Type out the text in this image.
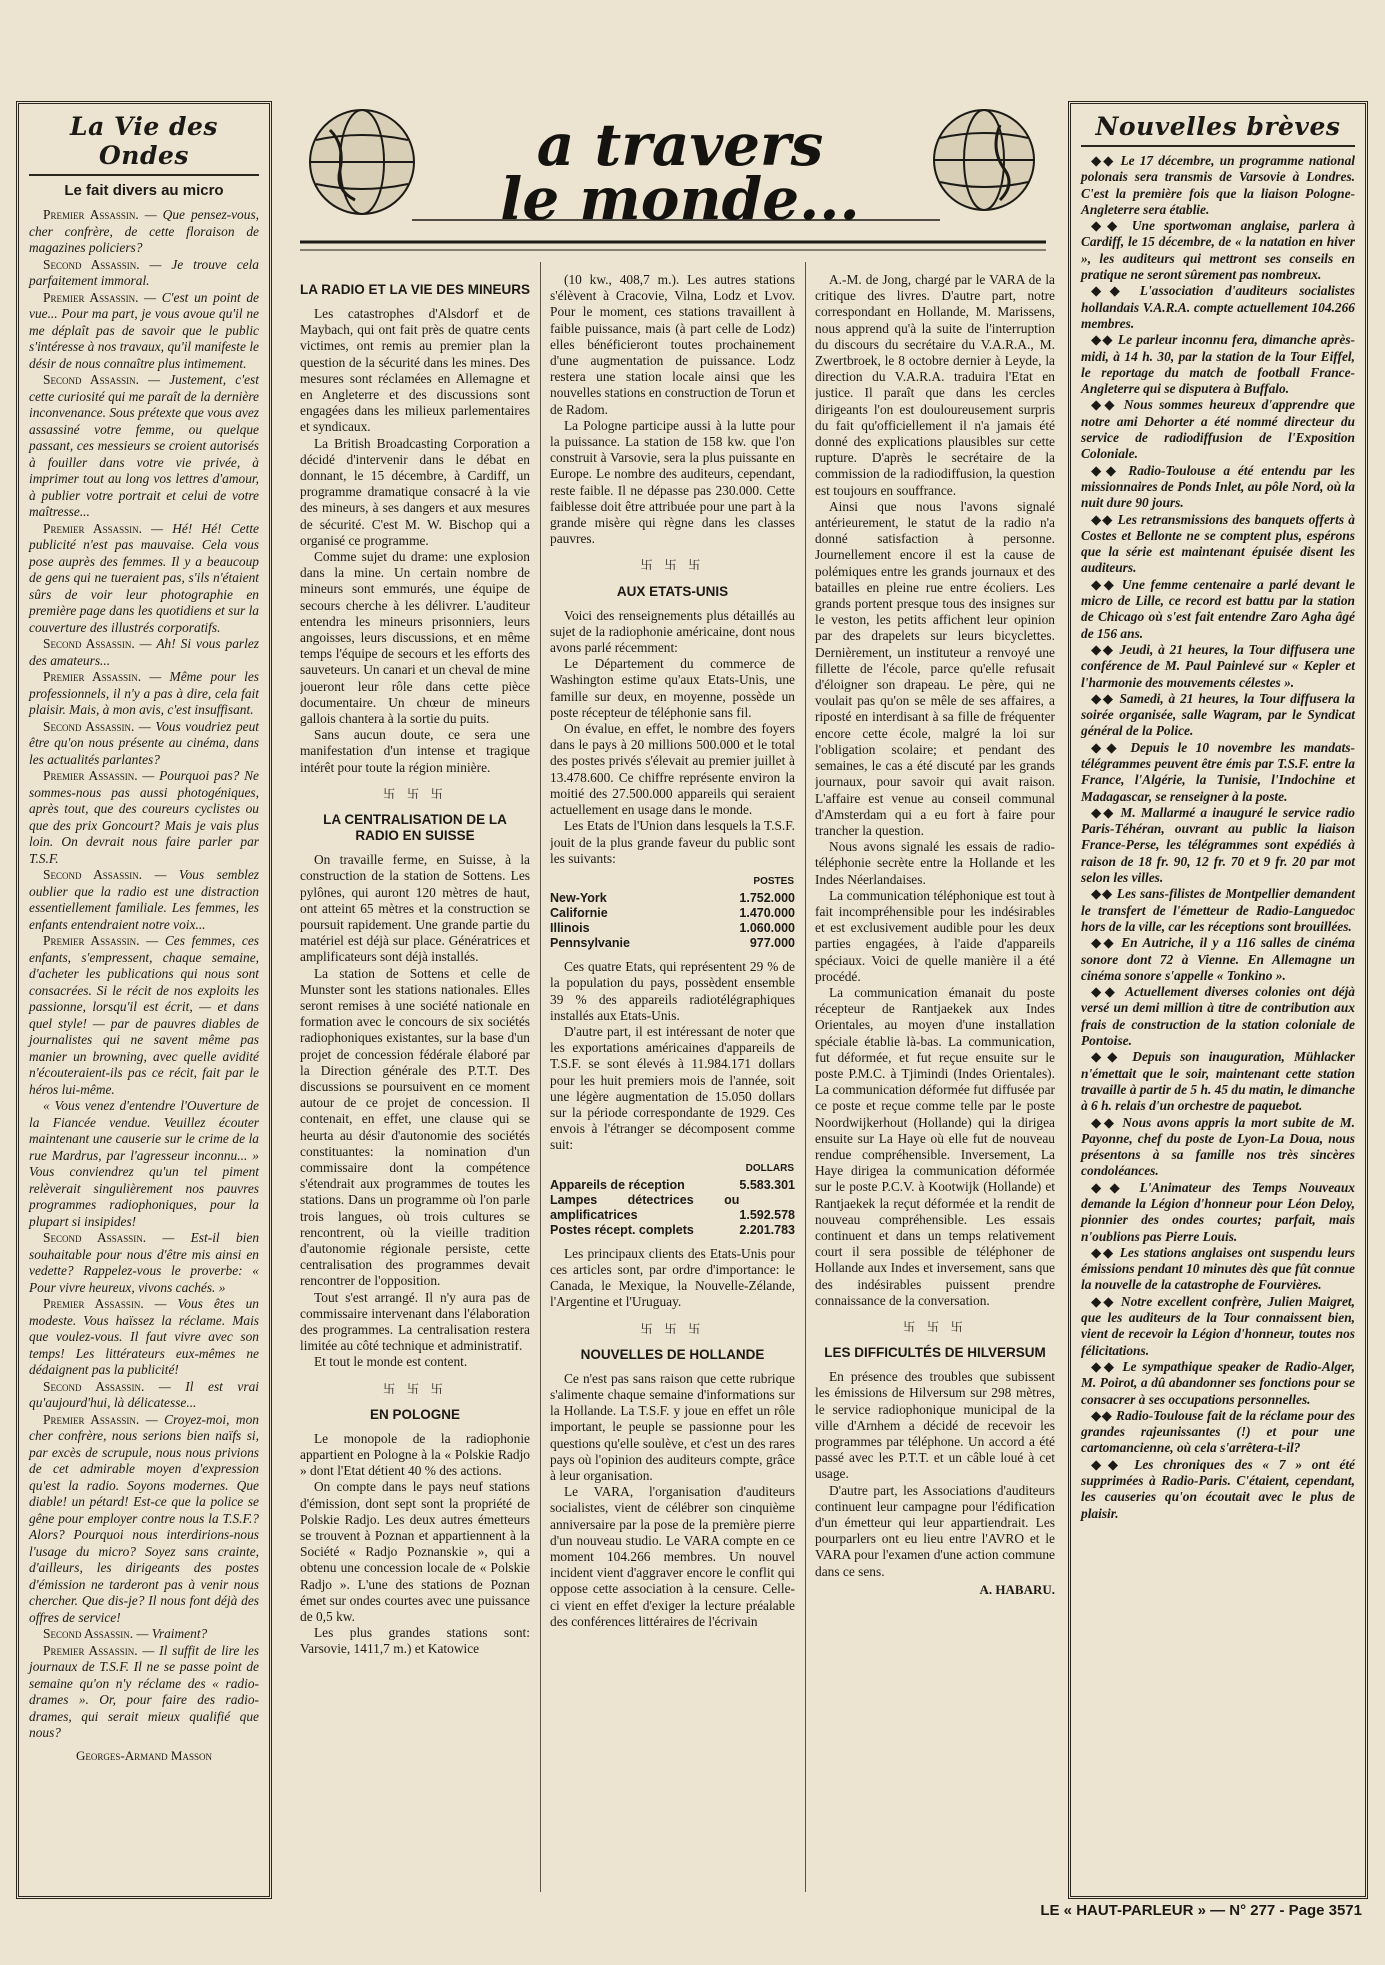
La Vie des Ondes
Le fait divers au micro

Premier Assassin. — Que pensez-vous, cher confrère, de cette floraison de magazines policiers?

Second Assassin. — Je trouve cela parfaitement immoral.

Premier Assassin. — C'est un point de vue... Pour ma part, je vous avoue qu'il ne me déplaît pas de savoir que le public s'intéresse à nos travaux, qu'il manifeste le désir de nous connaître plus intimement.

Second Assassin. — Justement, c'est cette curiosité qui me paraît de la dernière inconvenance. Sous prétexte que vous avez assassiné votre femme, ou quelque passant, ces messieurs se croient autorisés à fouiller dans votre vie privée, à imprimer tout au long vos lettres d'amour, à publier votre portrait et celui de votre maîtresse...

Premier Assassin. — Hé! Hé! Cette publicité n'est pas mauvaise. Cela vous pose auprès des femmes. Il y a beaucoup de gens qui ne tueraient pas, s'ils n'étaient sûrs de voir leur photographie en première page dans les quotidiens et sur la couverture des illustrés corporatifs.

Second Assassin. — Ah! Si vous parlez des amateurs...

Premier Assassin. — Même pour les professionnels, il n'y a pas à dire, cela fait plaisir. Mais, à mon avis, c'est insuffisant.

Second Assassin. — Vous voudriez peut être qu'on nous présente au cinéma, dans les actualités parlantes?

Premier Assassin. — Pourquoi pas? Ne sommes-nous pas aussi photogéniques, après tout, que des coureurs cyclistes ou que des prix Goncourt? Mais je vais plus loin. On devrait nous faire parler par T.S.F.

Second Assassin. — Vous semblez oublier que la radio est une distraction essentiellement familiale. Les femmes, les enfants entendraient notre voix...

Premier Assassin. — Ces femmes, ces enfants, s'empressent, chaque semaine, d'acheter les publications qui nous sont consacrées. Si le récit de nos exploits les passionne, lorsqu'il est écrit, — et dans quel style! — par de pauvres diables de journalistes qui ne savent même pas manier un browning, avec quelle avidité n'écouteraient-ils pas ce récit, fait par le héros lui-même.

« Vous venez d'entendre l'Ouverture de la Fiancée vendue. Veuillez écouter maintenant une causerie sur le crime de la rue Mardrus, par l'agresseur inconnu... » Vous conviendrez qu'un tel piment relèverait singulièrement nos pauvres programmes radiophoniques, pour la plupart si insipides!

Second Assassin. — Est-il bien souhaitable pour nous d'être mis ainsi en vedette? Rappelez-vous le proverbe: « Pour vivre heureux, vivons cachés. »

Premier Assassin. — Vous êtes un modeste. Vous haïssez la réclame. Mais que voulez-vous. Il faut vivre avec son temps! Les littérateurs eux-mêmes ne dédaignent pas la publicité!

Second Assassin. — Il est vrai qu'aujourd'hui, là délicatesse...

Premier Assassin. — Croyez-moi, mon cher confrère, nous serions bien naïfs si, par excès de scrupule, nous nous privions de cet admirable moyen d'expression qu'est la radio. Soyons modernes. Que diable! un pétard! Est-ce que la police se gêne pour employer contre nous la T.S.F.? Alors? Pourquoi nous interdirions-nous l'usage du micro? Soyez sans crainte, d'ailleurs, les dirigeants des postes d'émission ne tarderont pas à venir nous chercher. Que dis-je? Il nous font déjà des offres de service!

Second Assassin. — Vraiment?

Premier Assassin. — Il suffit de lire les journaux de T.S.F. Il ne se passe point de semaine qu'on n'y réclame des « radio-drames ». Or, pour faire des radio-drames, qui serait mieux qualifié que nous?

Georges-Armand Masson
a travers
le monde...
LA RADIO ET LA VIE DES MINEURS

Les catastrophes d'Alsdorf et de Maybach, qui ont fait près de quatre cents victimes, ont remis au premier plan la question de la sécurité dans les mines. Des mesures sont réclamées en Allemagne et en Angleterre et des discussions sont engagées dans les milieux parlementaires et syndicaux.

La British Broadcasting Corporation a décidé d'intervenir dans le débat en donnant, le 15 décembre, à Cardiff, un programme dramatique consacré à la vie des mineurs, à ses dangers et aux mesures de sécurité. C'est M. W. Bischop qui a organisé ce programme.

Comme sujet du drame: une explosion dans la mine. Un certain nombre de mineurs sont emmurés, une équipe de secours cherche à les délivrer. L'auditeur entendra les mineurs prisonniers, leurs angoisses, leurs discussions, et en même temps l'équipe de secours et les efforts des sauveteurs. Un canari et un cheval de mine joueront leur rôle dans cette pièce documentaire. Un chœur de mineurs gallois chantera à la sortie du puits.

Sans aucun doute, ce sera une manifestation d'un intense et tragique intérêt pour toute la région minière.

卐 卐 卐
LA CENTRALISATION DE LA RADIO EN SUISSE

On travaille ferme, en Suisse, à la construction de la station de Sottens. Les pylônes, qui auront 120 mètres de haut, ont atteint 65 mètres et la construction se poursuit rapidement. Une grande partie du matériel est déjà sur place. Génératrices et amplificateurs sont déjà installés.

La station de Sottens et celle de Munster sont les stations nationales. Elles seront remises à une société nationale en formation avec le concours de six sociétés radiophoniques existantes, sur la base d'un projet de concession fédérale élaboré par la Direction générale des P.T.T. Des discussions se poursuivent en ce moment autour de ce projet de concession. Il contenait, en effet, une clause qui se heurta au désir d'autonomie des sociétés constituantes: la nomination d'un commissaire dont la compétence s'étendrait aux programmes de toutes les stations. Dans un programme où l'on parle trois langues, où trois cultures se rencontrent, où la vieille tradition d'autonomie régionale persiste, cette centralisation des programmes devait rencontrer de l'opposition.

Tout s'est arrangé. Il n'y aura pas de commissaire intervenant dans l'élaboration des programmes. La centralisation restera limitée au côté technique et administratif.

Et tout le monde est content.

卐 卐 卐
EN POLOGNE

Le monopole de la radiophonie appartient en Pologne à la « Polskie Radjo » dont l'Etat détient 40 % des actions.

On compte dans le pays neuf stations d'émission, dont sept sont la propriété de Polskie Radjo. Les deux autres émetteurs se trouvent à Poznan et appartiennent à la Société « Radjo Poznanskie », qui a obtenu une concession locale de « Polskie Radjo ». L'une des stations de Poznan émet sur ondes courtes avec une puissance de 0,5 kw.

Les plus grandes stations sont: Varsovie, 1411,7 m.) et Katowice

(10 kw., 408,7 m.). Les autres stations s'élèvent à Cracovie, Vilna, Lodz et Lvov. Pour le moment, ces stations travaillent à faible puissance, mais (à part celle de Lodz) elles bénéficieront toutes prochainement d'une augmentation de puissance. Lodz restera une station locale ainsi que les nouvelles stations en construction de Torun et de Radom.

La Pologne participe aussi à la lutte pour la puissance. La station de 158 kw. que l'on construit à Varsovie, sera la plus puissante en Europe. Le nombre des auditeurs, cependant, reste faible. Il ne dépasse pas 230.000. Cette faiblesse doit être attribuée pour une part à la grande misère qui règne dans les classes pauvres.

卐 卐 卐
AUX ETATS-UNIS

Voici des renseignements plus détaillés au sujet de la radiophonie américaine, dont nous avons parlé récemment:

Le Département du commerce de Washington estime qu'aux Etats-Unis, une famille sur deux, en moyenne, possède un poste récepteur de téléphonie sans fil.

On évalue, en effet, le nombre des foyers dans le pays à 20 millions 500.000 et le total des postes privés s'élevait au premier juillet à 13.478.600. Ce chiffre représente environ la moitié des 27.500.000 appareils qui seraient actuellement en usage dans le monde.

Les Etats de l'Union dans lesquels la T.S.F. jouit de la plus grande faveur du public sont les suivants:

	POSTES
New-York	1.752.000
Californie	1.470.000
Illinois	1.060.000
Pennsylvanie	977.000

Ces quatre Etats, qui représentent 29 % de la population du pays, possèdent ensemble 39 % des appareils radiotélégraphiques installés aux Etats-Unis.

D'autre part, il est intéressant de noter que les exportations américaines d'appareils de T.S.F. se sont élevés à 11.984.171 dollars pour les huit premiers mois de l'année, soit une légère augmentation de 15.050 dollars sur la période correspondante de 1929. Ces envois à l'étranger se décomposent comme suit:

	DOLLARS
Appareils de réception	5.583.301
Lampes détectrices ou amplificatrices	1.592.578
Postes récept. complets	2.201.783

Les principaux clients des Etats-Unis pour ces articles sont, par ordre d'importance: le Canada, le Mexique, la Nouvelle-Zélande, l'Argentine et l'Uruguay.

卐 卐 卐
NOUVELLES DE HOLLANDE

Ce n'est pas sans raison que cette rubrique s'alimente chaque semaine d'informations sur la Hollande. La T.S.F. y joue en effet un rôle important, le peuple se passionne pour les questions qu'elle soulève, et c'est un des rares pays où l'opinion des auditeurs compte, grâce à leur organisation.

Le VARA, l'organisation d'auditeurs socialistes, vient de célébrer son cinquième anniversaire par la pose de la première pierre d'un nouveau studio. Le VARA compte en ce moment 104.266 membres. Un nouvel incident vient d'aggraver encore le conflit qui oppose cette association à la censure. Celle-ci vient en effet d'exiger la lecture préalable des conférences littéraires de l'écrivain

A.-M. de Jong, chargé par le VARA de la critique des livres. D'autre part, notre correspondant en Hollande, M. Marissens, nous apprend qu'à la suite de l'interruption du discours du secrétaire du V.A.R.A., M. Zwertbroek, le 8 octobre dernier à Leyde, la direction du V.A.R.A. traduira l'Etat en justice. Il paraît que dans les cercles dirigeants l'on est douloureusement surpris du fait qu'officiellement il n'a jamais été donné des explications plausibles sur cette rupture. D'après le secrétaire de la commission de la radiodiffusion, la question est toujours en souffrance.

Ainsi que nous l'avons signalé antérieurement, le statut de la radio n'a donné satisfaction à personne. Journellement encore il est la cause de polémiques entre les grands journaux et des batailles en pleine rue entre écoliers. Les grands portent presque tous des insignes sur le veston, les petits affichent leur opinion par des drapelets sur leurs bicyclettes. Dernièrement, un instituteur a renvoyé une fillette de l'école, parce qu'elle refusait d'éloigner son drapeau. Le père, qui ne voulait pas qu'on se mêle de ses affaires, a riposté en interdisant à sa fille de fréquenter encore cette école, malgré la loi sur l'obligation scolaire; et pendant des semaines, le cas a été discuté par les grands journaux, pour savoir qui avait raison. L'affaire est venue au conseil communal d'Amsterdam qui a eu fort à faire pour trancher la question.

Nous avons signalé les essais de radio-téléphonie secrète entre la Hollande et les Indes Néerlandaises.

La communication téléphonique est tout à fait incompréhensible pour les indésirables et est exclusivement audible pour les deux parties engagées, à l'aide d'appareils spéciaux. Voici de quelle manière il a été procédé.

La communication émanait du poste récepteur de Rantjaekek aux Indes Orientales, au moyen d'une installation spéciale établie là-bas. La communication, fut déformée, et fut reçue ensuite sur le poste P.M.C. à Tjimindi (Indes Orientales). La communication déformée fut diffusée par ce poste et reçue comme telle par le poste Noordwijkerhout (Hollande) qui la dirigea ensuite sur La Haye où elle fut de nouveau rendue compréhensible. Inversement, La Haye dirigea la communication déformée sur le poste P.C.V. à Kootwijk (Hollande) et Rantjaekek la reçut déformée et la rendit de nouveau compréhensible. Les essais continuent et dans un temps relativement court il sera possible de téléphoner de Hollande aux Indes et inversement, sans que des indésirables puissent prendre connaissance de la conversation.

卐 卐 卐
LES DIFFICULTÉS DE HILVERSUM

En présence des troubles que subissent les émissions de Hilversum sur 298 mètres, le service radiophonique municipal de la ville d'Arnhem a décidé de recevoir les programmes par téléphone. Un accord a été passé avec les P.T.T. et un câble loué à cet usage.

D'autre part, les Associations d'auditeurs continuent leur campagne pour l'édification d'un émetteur qui leur appartiendrait. Les pourparlers ont eu lieu entre l'AVRO et le VARA pour l'examen d'une action commune dans ce sens.

A. HABARU.
Nouvelles brèves

◆◆ Le 17 décembre, un programme national polonais sera transmis de Varsovie à Londres. C'est la première fois que la liaison Pologne-Angleterre sera établie.

◆◆ Une sportwoman anglaise, parlera à Cardiff, le 15 décembre, de « la natation en hiver », les auditeurs qui mettront ses conseils en pratique ne seront sûrement pas nombreux.

◆◆ L'association d'auditeurs socialistes hollandais V.A.R.A. compte actuellement 104.266 membres.

◆◆ Le parleur inconnu fera, dimanche après-midi, à 14 h. 30, par la station de la Tour Eiffel, le reportage du match de football France-Angleterre qui se disputera à Buffalo.

◆◆ Nous sommes heureux d'apprendre que notre ami Dehorter a été nommé directeur du service de radiodiffusion de l'Exposition Coloniale.

◆◆ Radio-Toulouse a été entendu par les missionnaires de Ponds Inlet, au pôle Nord, où la nuit dure 90 jours.

◆◆ Les retransmissions des banquets offerts à Costes et Bellonte ne se comptent plus, espérons que la série est maintenant épuisée disent les auditeurs.

◆◆ Une femme centenaire a parlé devant le micro de Lille, ce record est battu par la station de Chicago où s'est fait entendre Zaro Agha âgé de 156 ans.

◆◆ Jeudi, à 21 heures, la Tour diffusera une conférence de M. Paul Painlevé sur « Kepler et l'harmonie des mouvements célestes ».

◆◆ Samedi, à 21 heures, la Tour diffusera la soirée organisée, salle Wagram, par le Syndicat général de la Police.

◆◆ Depuis le 10 novembre les mandats-télégrammes peuvent être émis par T.S.F. entre la France, l'Algérie, la Tunisie, l'Indochine et Madagascar, se renseigner à la poste.

◆◆ M. Mallarmé a inauguré le service radio Paris-Téhéran, ouvrant au public la liaison France-Perse, les télégrammes sont expédiés à raison de 18 fr. 90, 12 fr. 70 et 9 fr. 20 par mot selon les villes.

◆◆ Les sans-filistes de Montpellier demandent le transfert de l'émetteur de Radio-Languedoc hors de la ville, car les réceptions sont brouillées.

◆◆ En Autriche, il y a 116 salles de cinéma sonore dont 72 à Vienne. En Allemagne un cinéma sonore s'appelle « Tonkino ».

◆◆ Actuellement diverses colonies ont déjà versé un demi million à titre de contribution aux frais de construction de la station coloniale de Pontoise.

◆◆ Depuis son inauguration, Mühlacker n'émettait que le soir, maintenant cette station travaille à partir de 5 h. 45 du matin, le dimanche à 6 h. relais d'un orchestre de paquebot.

◆◆ Nous avons appris la mort subite de M. Payonne, chef du poste de Lyon-La Doua, nous présentons à sa famille nos très sincères condoléances.

◆◆ L'Animateur des Temps Nouveaux demande la Légion d'honneur pour Léon Deloy, pionnier des ondes courtes; parfait, mais n'oublions pas Pierre Louis.

◆◆ Les stations anglaises ont suspendu leurs émissions pendant 10 minutes dès que fût connue la nouvelle de la catastrophe de Fourvières.

◆◆ Notre excellent confrère, Julien Maigret, que les auditeurs de la Tour connaissent bien, vient de recevoir la Légion d'honneur, toutes nos félicitations.

◆◆ Le sympathique speaker de Radio-Alger, M. Poirot, a dû abandonner ses fonctions pour se consacrer à ses occupations personnelles.

◆◆ Radio-Toulouse fait de la réclame pour des grandes rajeunissantes (!) et pour une cartomancienne, où cela s'arrêtera-t-il?

◆◆ Les chroniques des « 7 » ont été supprimées à Radio-Paris. C'étaient, cependant, les causeries qu'on écoutait avec le plus de plaisir.

LE « HAUT-PARLEUR » — N° 277 - Page 3571
